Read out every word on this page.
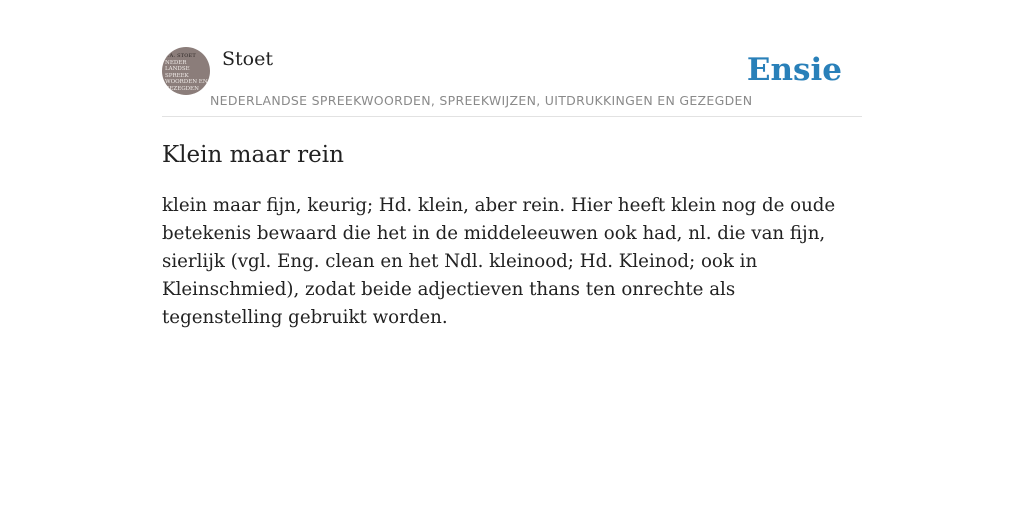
F.A. STOET
NEDER
LANDSE
SPREEK
WOORDEN EN
GEZEGDEN
Stoet
NEDERLANDSE SPREEKWOORDEN, SPREEKWIJZEN, UITDRUKKINGEN EN GEZEGDEN
Ensie
Klein maar rein

klein maar fijn, keurig; Hd. klein, aber rein. Hier heeft klein nog de oude betekenis bewaard die het in de middeleeuwen ook had, nl. die van fijn, sierlijk (vgl. Eng. clean en het Ndl. kleinood; Hd. Kleinod; ook in Kleinschmied), zodat beide adjectieven thans ten onrechte als tegenstelling gebruikt worden.
